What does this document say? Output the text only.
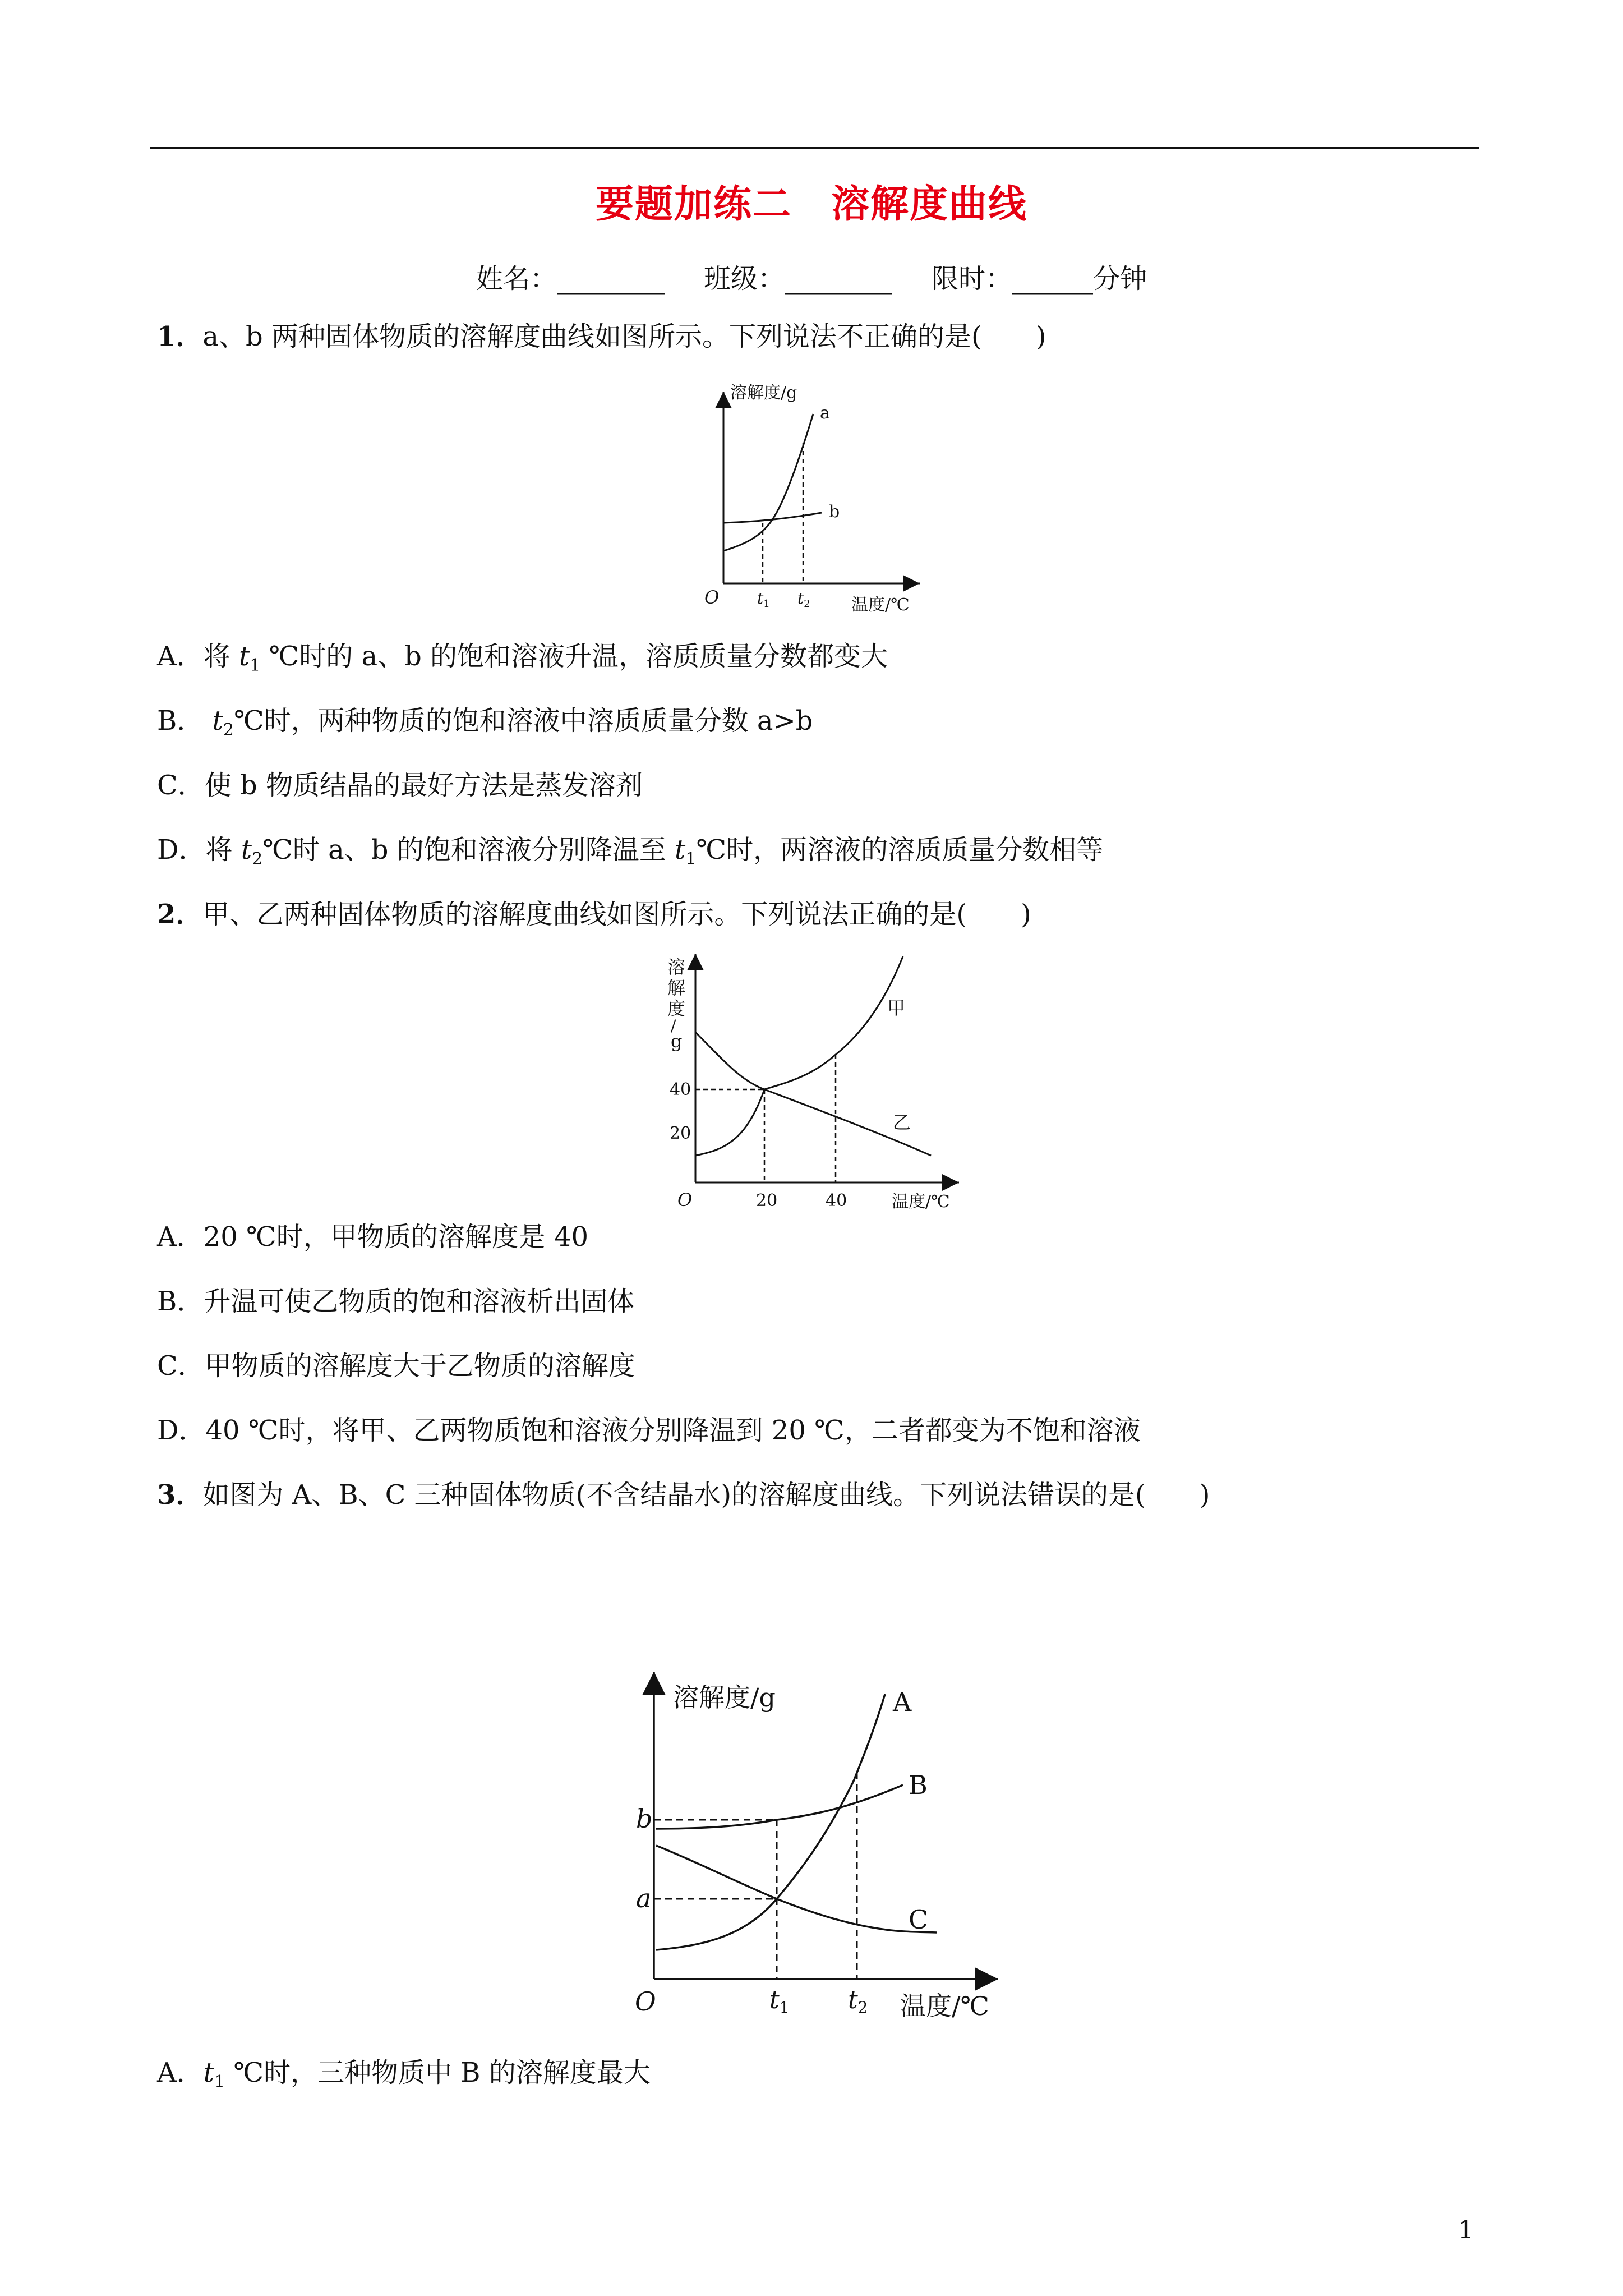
要题加练二　溶解度曲线
姓名：________ 班级：________ 限时：______分钟
1．a、b 两种固体物质的溶解度曲线如图所示。下列说法不正确的是(　　)
溶解度/g
温度/℃
O
a
b
$t_1$ $t_2$
A．将 $t_1$ ℃时的 a、b 的饱和溶液升温，溶质质量分数都变大
B． $t_2℃$时，两种物质的饱和溶液中溶质质量分数 a>b
C．使 b 物质结晶的最好方法是蒸发溶剂
D．将 $t_2℃$时 a、b 的饱和溶液分别降温至 $t_1℃$时，两溶液的溶质质量分数相等
2．甲、乙两种固体物质的溶解度曲线如图所示。下列说法正确的是(　　)
溶
解
度
/
g
温度/℃
O
40
20
20	40
甲
乙
A．20 ℃时，甲物质的溶解度是 40
B．升温可使乙物质的饱和溶液析出固体
C．甲物质的溶解度大于乙物质的溶解度
D．40 ℃时，将甲、乙两物质饱和溶液分别降温到 20 ℃，二者都变为不饱和溶液
3．如图为 A、B、C 三种固体物质(不含结晶水)的溶解度曲线。下列说法错误的是(　　)
溶解度/g
温度/℃
O
b
a
t1 t2
A
B
C
A．$t_1$ ℃时，三种物质中 B 的溶解度最大
1
